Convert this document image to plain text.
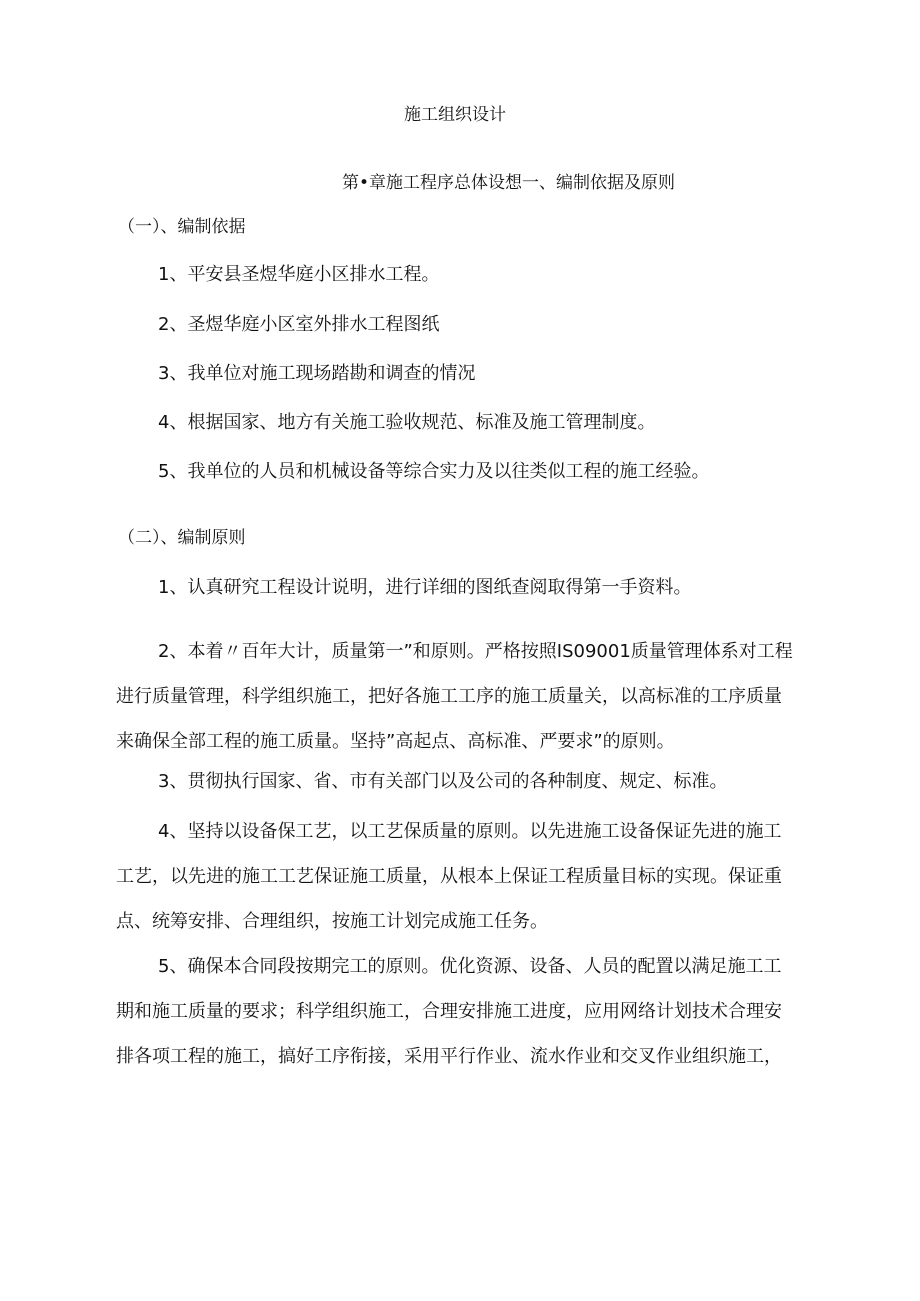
施工组织设计
第•章施工程序总体设想一、编制依据及原则
（一）、编制依据
1、平安县圣煜华庭小区排水工程。
2、圣煜华庭小区室外排水工程图纸
3、我单位对施工现场踏勘和调查的情况
4、根据国家、地方有关施工验收规范、标准及施工管理制度。
5、我单位的人员和机械设备等综合实力及以往类似工程的施工经验。
（二）、编制原则
1、认真研究工程设计说明，进行详细的图纸查阅取得第一手资料。
2、本着〃百年大计，质量第一”和原则。严格按照IS09001质量管理体系对工程
进行质量管理，科学组织施工，把好各施工工序的施工质量关，以高标准的工序质量
来确保全部工程的施工质量。坚持”高起点、高标准、严要求”的原则。
3、贯彻执行国家、省、市有关部门以及公司的各种制度、规定、标准。
4、坚持以设备保工艺，以工艺保质量的原则。以先进施工设备保证先进的施工
工艺，以先进的施工工艺保证施工质量，从根本上保证工程质量目标的实现。保证重
点、统筹安排、合理组织，按施工计划完成施工任务。
5、确保本合同段按期完工的原则。优化资源、设备、人员的配置以满足施工工
期和施工质量的要求；科学组织施工，合理安排施工进度，应用网络计划技术合理安
排各项工程的施工，搞好工序衔接，采用平行作业、流水作业和交叉作业组织施工，
